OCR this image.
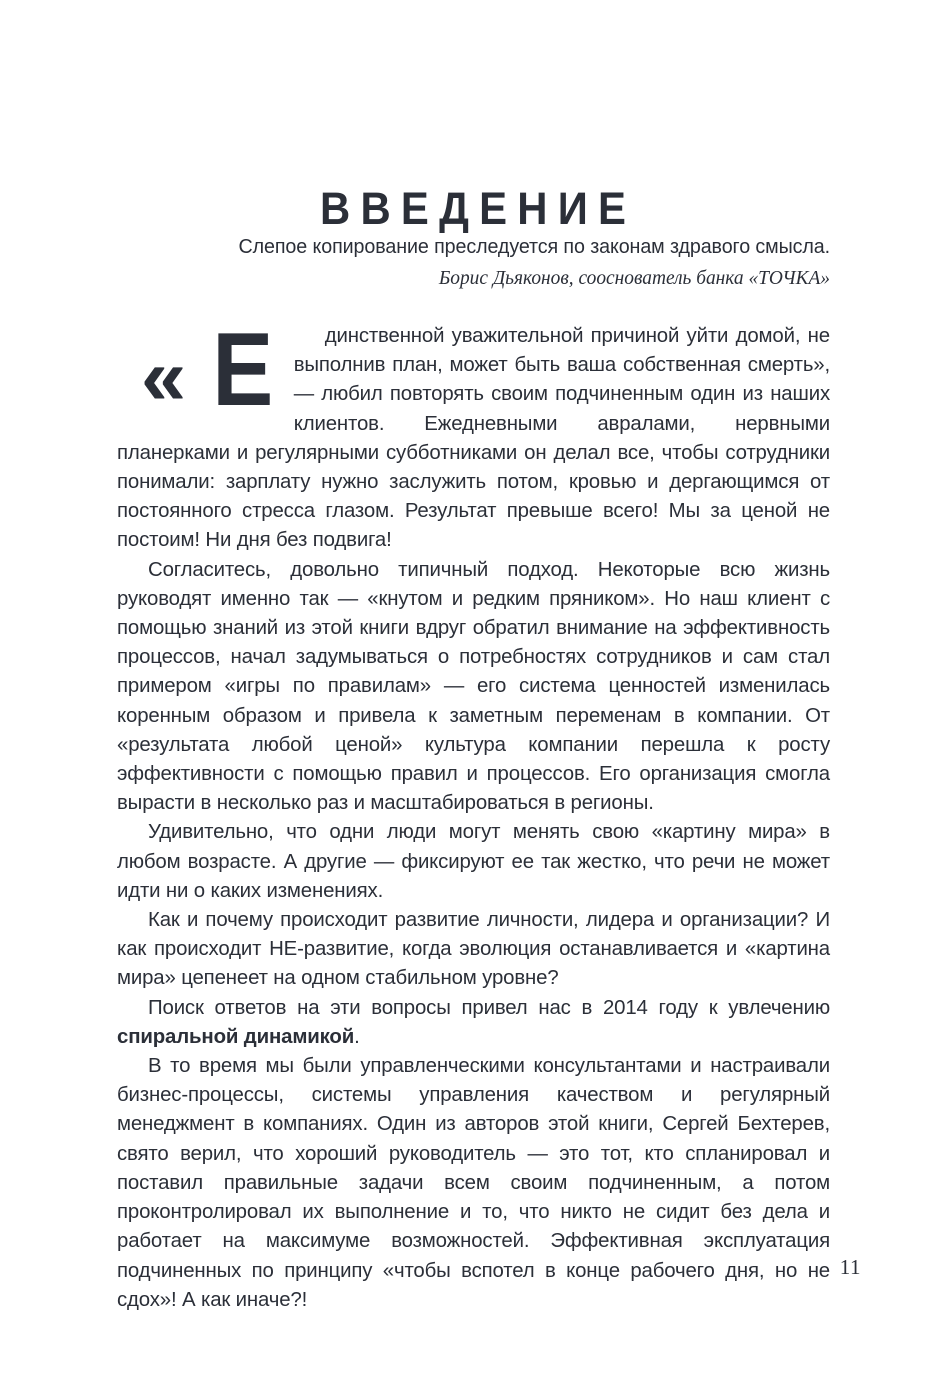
ВВЕДЕНИЕ
Слепое копирование преследуется по законам здравого смысла.
Борис Дьяконов, сооснователь банка «ТОЧКА»

« Е	динственной уважительной причиной уйти домой, не выполнив план, может быть ваша собственная смерть», — любил повторять своим подчиненным один из наших клиентов. Ежедневными авралами, нервными планерками и регулярными субботниками он делал все, чтобы сотрудники понимали: зарплату нужно заслужить потом, кровью и дергающимся от постоянного стресса глазом. Результат превыше всего! Мы за ценой не постоим! Ни дня без подвига!

Согласитесь, довольно типичный подход. Некоторые всю жизнь руководят именно так — «кнутом и редким пряником». Но наш клиент с помощью знаний из этой книги вдруг обратил внимание на эффективность процессов, начал задумываться о потребностях сотрудников и сам стал примером «игры по правилам» — его система ценностей изменилась коренным образом и привела к заметным переменам в компании. От «результата любой ценой» культура компании перешла к росту эффективности с помощью правил и процессов. Его организация смогла вырасти в несколько раз и масштабироваться в регионы.

Удивительно, что одни люди могут менять свою «картину мира» в любом возрасте. А другие — фиксируют ее так жестко, что речи не может идти ни о каких изменениях.

Как и почему происходит развитие личности, лидера и организации? И как происходит НЕ-развитие, когда эволюция останавливается и «картина мира» цепенеет на одном стабильном уровне?

Поиск ответов на эти вопросы привел нас в 2014 году к увлечению спиральной динамикой.

В то время мы были управленческими консультантами и настраивали бизнес-процессы, системы управления качеством и регулярный менеджмент в компаниях. Один из авторов этой книги, Сергей Бехтерев, свято верил, что хороший руководитель — это тот, кто спланировал и поставил правильные задачи всем своим подчиненным, а потом проконтролировал их выполнение и то, что никто не сидит без дела и работает на максимуме возможностей. Эффективная эксплуатация подчиненных по принципу «чтобы вспотел в конце рабочего дня, но не сдох»! А как иначе?!

11
